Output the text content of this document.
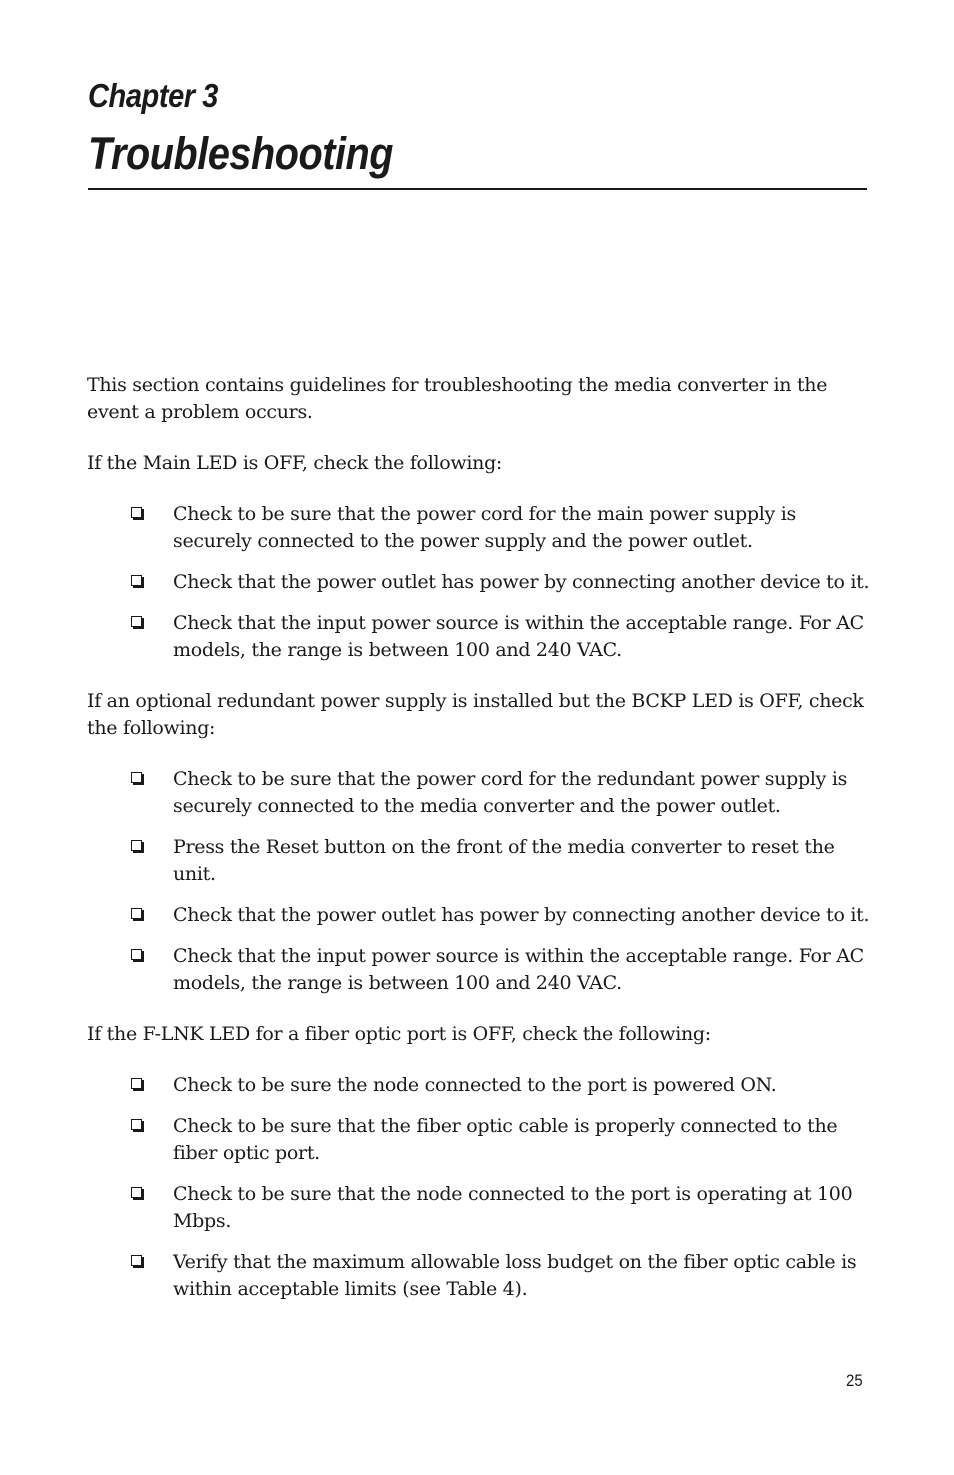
Chapter 3
Troubleshooting

This section contains guidelines for troubleshooting the media converter in the event a problem occurs.

If the Main LED is OFF, check the following:

Check to be sure that the power cord for the main power supply is securely connected to the power supply and the power outlet.
Check that the power outlet has power by connecting another device to it.
Check that the input power source is within the acceptable range. For AC models, the range is between 100 and 240 VAC.

If an optional redundant power supply is installed but the BCKP LED is OFF, check the following:

Check to be sure that the power cord for the redundant power supply is securely connected to the media converter and the power outlet.
Press the Reset button on the front of the media converter to reset the unit.
Check that the power outlet has power by connecting another device to it.
Check that the input power source is within the acceptable range. For AC models, the range is between 100 and 240 VAC.

If the F-LNK LED for a fiber optic port is OFF, check the following:

Check to be sure the node connected to the port is powered ON.
Check to be sure that the fiber optic cable is properly connected to the fiber optic port.
Check to be sure that the node connected to the port is operating at 100 Mbps.
Verify that the maximum allowable loss budget on the fiber optic cable is within acceptable limits (see Table 4).
25
